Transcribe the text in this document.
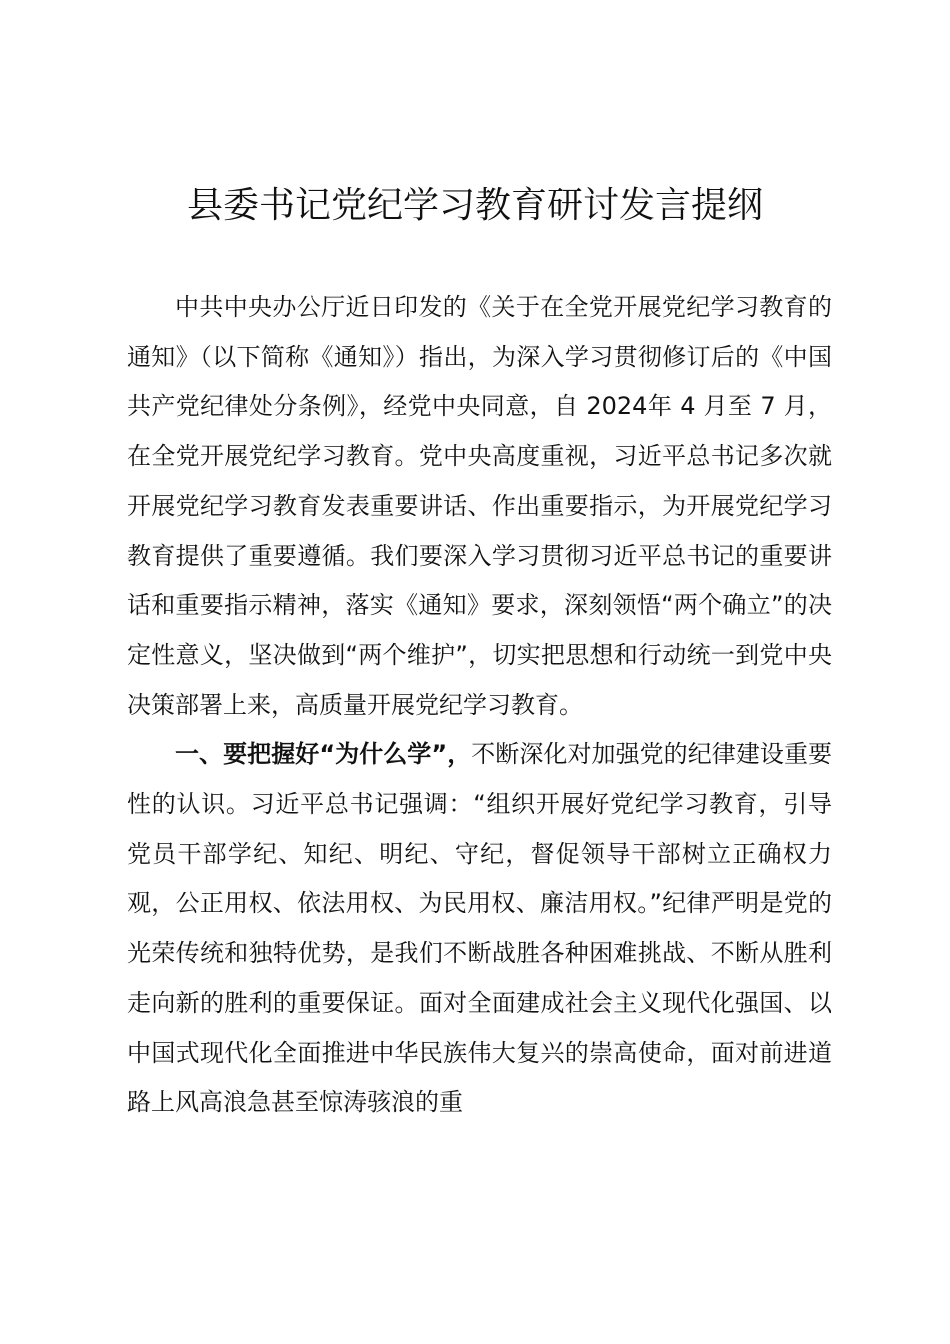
县委书记党纪学习教育研讨发言提纲

中共中央办公厅近日印发的《关于在全党开展党纪学习教育的通知》（以下简称《通知》）指出，为深入学习贯彻修订后的《中国共产党纪律处分条例》，经党中央同意，自 2024年 4 月至 7 月，在全党开展党纪学习教育。党中央高度重视，习近平总书记多次就开展党纪学习教育发表重要讲话、作出重要指示，为开展党纪学习教育提供了重要遵循。我们要深入学习贯彻习近平总书记的重要讲话和重要指示精神，落实《通知》要求，深刻领悟“两个确立”的决定性意义，坚决做到“两个维护”，切实把思想和行动统一到党中央决策部署上来，高质量开展党纪学习教育。

一、要把握好“为什么学”，不断深化对加强党的纪律建设重要性的认识。习近平总书记强调：“组织开展好党纪学习教育，引导党员干部学纪、知纪、明纪、守纪，督促领导干部树立正确权力观，公正用权、依法用权、为民用权、廉洁用权。”纪律严明是党的光荣传统和独特优势，是我们不断战胜各种困难挑战、不断从胜利走向新的胜利的重要保证。面对全面建成社会主义现代化强国、以中国式现代化全面推进中华民族伟大复兴的崇高使命，面对前进道路上风高浪急甚至惊涛骇浪的重
